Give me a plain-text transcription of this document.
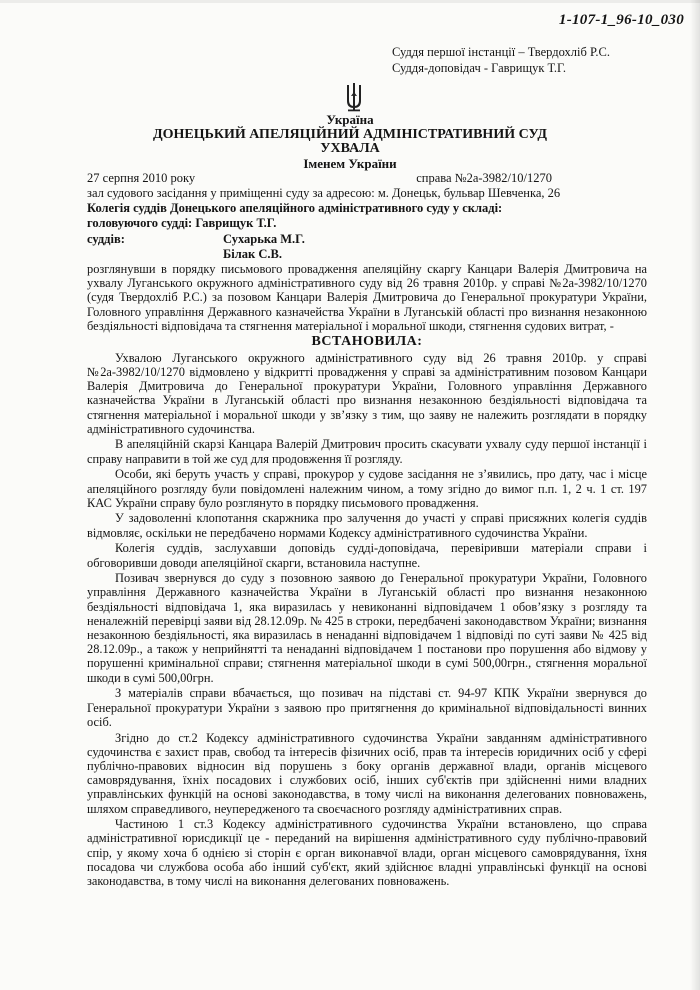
1-107-1_96-10_030
Суддя першої інстанції – Твердохліб Р.С.
Суддя-доповідач - Гаврищук Т.Г.
Україна
ДОНЕЦЬКИЙ АПЕЛЯЦІЙНИЙ АДМІНІСТРАТИВНИЙ СУД
УХВАЛА
Іменем України
27 серпня 2010 року	справа №2а-3982/10/1270
зал судового засідання у приміщенні суду за адресою: м. Донецьк, бульвар Шевченка, 26
Колегія суддів Донецького апеляційного адміністративного суду у складі:
головуючого судді: Гаврищук Т.Г.
суддів:	Сухарька М.Г.
Білак С.В.

розглянувши в порядку письмового провадження апеляційну скаргу Канцари Валерія Дмитровича на ухвалу Луганського окружного адміністративного суду від 26 травня 2010р. у справі №2а-3982/10/1270 (судя Твердохліб Р.С.) за позовом Канцари Валерія Дмитровича до Генеральної прокуратури України, Головного управління Державного казначейства України в Луганській області про визнання незаконною бездіяльності відповідача та стягнення матеріальної і моральної шкоди, стягнення судових витрат, -

ВСТАНОВИЛА:

Ухвалою Луганського окружного адміністративного суду від 26 травня 2010р. у справі №2а-3982/10/1270 відмовлено у відкритті провадження у справі за адміністративним позовом Канцари Валерія Дмитровича до Генеральної прокуратури України, Головного управління Державного казначейства України в Луганській області про визнання незаконною бездіяльності відповідача та стягнення матеріальної і моральної шкоди у зв’язку з тим, що заяву не належить розглядати в порядку адміністративного судочинства.

В апеляційній скарзі Канцара Валерій Дмитрович просить скасувати ухвалу суду першої інстанції і справу направити в той же суд для продовження її розгляду.

Особи, які беруть участь у справі, прокурор у судове засідання не з’явились, про дату, час і місце апеляційного розгляду були повідомлені належним чином, а тому згідно до вимог п.п. 1, 2 ч. 1 ст. 197 КАС України справу було розглянуто в порядку письмового провадження.

У задоволенні клопотання скаржника про залучення до участі у справі присяжних колегія суддів відмовляє, оскільки не передбачено нормами Кодексу адміністративного судочинства України.

Колегія суддів, заслухавши доповідь судді-доповідача, перевіривши матеріали справи і обговоривши доводи апеляційної скарги, встановила наступне.

Позивач звернувся до суду з позовною заявою до Генеральної прокуратури України, Головного управління Державного казначейства України в Луганській області про визнання незаконною бездіяльності відповідача 1, яка виразилась у невиконанні відповідачем 1 обов’язку з розгляду та неналежній перевірці заяви від 28.12.09р. № 425 в строки, передбачені законодавством України; визнання незаконною бездіяльності, яка виразилась в ненаданні відповідачем 1 відповіді по суті заяви № 425 від 28.12.09р., а також у неприйнятті та ненаданні відповідачем 1 постанови про порушення або відмову у порушенні кримінальної справи; стягнення матеріальної шкоди в сумі 500,00грн., стягнення моральної шкоди в сумі 500,00грн.

З матеріалів справи вбачається, що позивач на підставі ст. 94-97 КПК України звернувся до Генеральної прокуратури України з заявою про притягнення до кримінальної відповідальності винних осіб.

Згідно до ст.2 Кодексу адміністративного судочинства України завданням адміністративного судочинства є захист прав, свобод та інтересів фізичних осіб, прав та інтересів юридичних осіб у сфері публічно-правових відносин від порушень з боку органів державної влади, органів місцевого самоврядування, їхніх посадових і службових осіб, інших суб'єктів при здійсненні ними владних управлінських функцій на основі законодавства, в тому числі на виконання делегованих повноважень, шляхом справедливого, неупередженого та своєчасного розгляду адміністративних справ.

Частиною 1 ст.3 Кодексу адміністративного судочинства України встановлено, що справа адміністративної юрисдикції це - переданий на вирішення адміністративного суду публічно-правовий спір, у якому хоча б однією зі сторін є орган виконавчої влади, орган місцевого самоврядування, їхня посадова чи службова особа або інший суб'єкт, який здійснює владні управлінські функції на основі законодавства, в тому числі на виконання делегованих повноважень.
